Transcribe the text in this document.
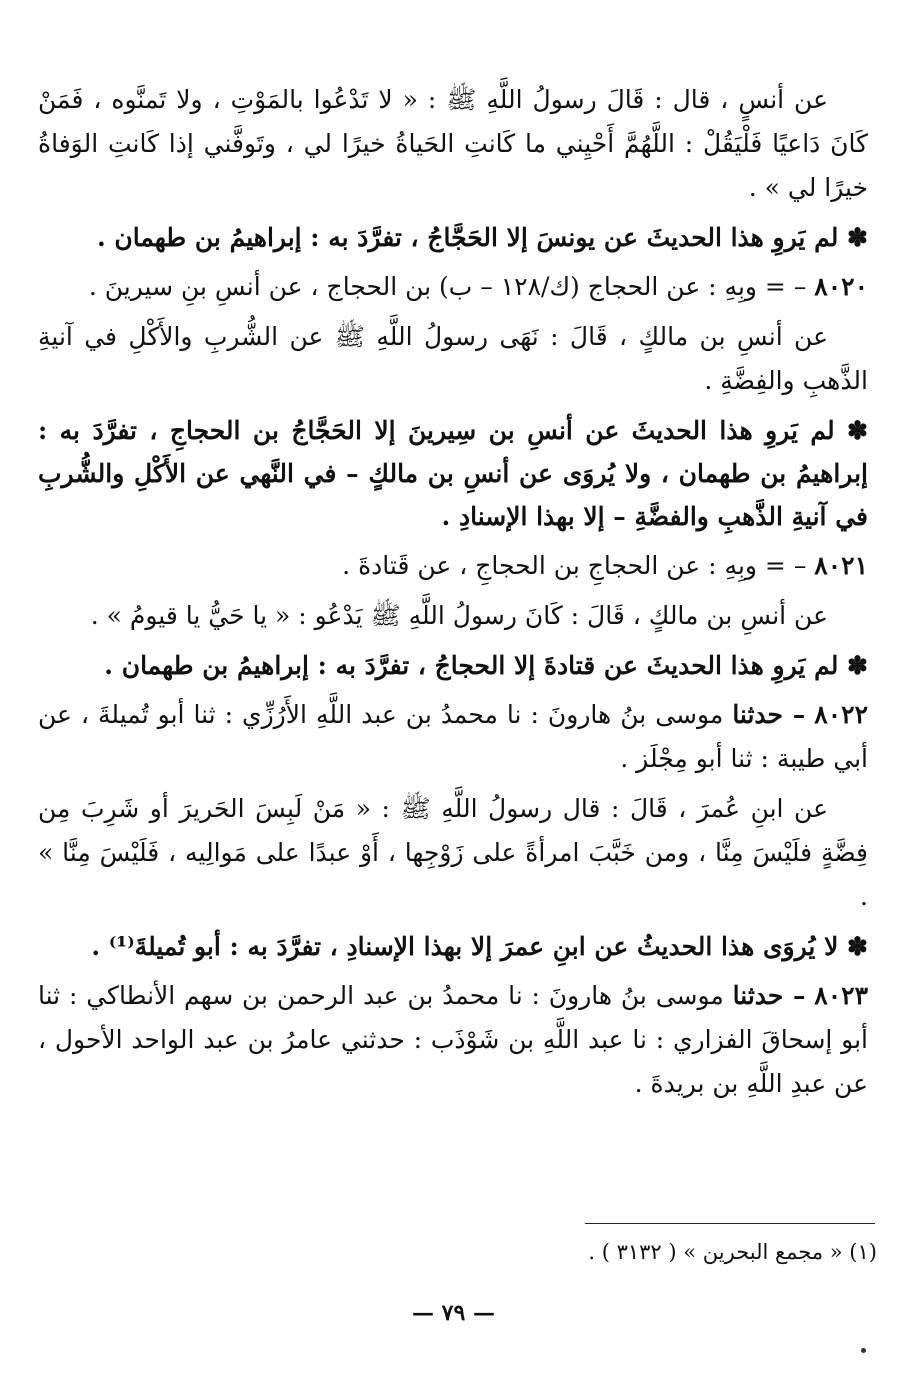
عن أنسٍ ، قال : قَالَ رسولُ اللَّهِ ﷺ : « لا تَدْعُوا بالمَوْتِ ، ولا تَمنَّوه ، فَمَنْ كَانَ دَاعيًا فَلْيَقُلْ : اللَّهُمَّ أَحْيِني ما كَانتِ الحَياةُ خيرًا لي ، وتَوفَّني إذا كَانتِ الوَفاةُ خيرًا لي » .

✽ لم يَروِ هذا الحديثَ عن يونسَ إلا الحَجَّاجُ ، تفرَّدَ به : إبراهيمُ بن طهمان .

٨٠٢٠ – = وبِهِ : عن الحجاج (ك/١٢٨ – ب) بن الحجاج ، عن أنسِ بنِ سيرينَ .

عن أنسِ بن مالكٍ ، قَالَ : نَهَى رسولُ اللَّهِ ﷺ عن الشُّربِ والأَكْلِ في آنيةِ الذَّهبِ والفِضَّةِ .

✽ لم يَروِ هذا الحديثَ عن أنسِ بن سِيرينَ إلا الحَجَّاجُ بن الحجاجِ ، تفرَّدَ به : إبراهيمُ بن طهمان ، ولا يُروَى عن أنسِ بن مالكٍ – في النَّهي عن الأَكْلِ والشُّربِ في آنيةِ الذَّهبِ والفضَّةِ – إلا بهذا الإسنادِ .

٨٠٢١ – = وبِهِ : عن الحجاجِ بن الحجاجِ ، عن قَتادةَ .

عن أنسِ بن مالكٍ ، قَالَ : كَانَ رسولُ اللَّهِ ﷺ يَدْعُو : « يا حَيُّ يا قيومُ » .

✽ لم يَروِ هذا الحديثَ عن قتادةَ إلا الحجاجُ ، تفرَّدَ به : إبراهيمُ بن طهمان .

٨٠٢٢ – حدثنا موسى بنُ هارونَ : نا محمدُ بن عبد اللَّهِ الأَرُزِّي : ثنا أبو تُميلةَ ، عن أبي طيبة : ثنا أبو مِجْلَز .

عن ابنِ عُمرَ ، قَالَ : قال رسولُ اللَّهِ ﷺ : « مَنْ لَبِسَ الحَريرَ أو شَرِبَ مِن فِضَّةٍ فلَيْسَ مِنَّا ، ومن خَبَّبَ امرأةً على زَوْجِها ، أَوْ عبدًا على مَوالِيه ، فَلَيْسَ مِنَّا » .

✽ لا يُروَى هذا الحديثُ عن ابنِ عمرَ إلا بهذا الإسنادِ ، تفرَّدَ به : أبو تُميلةَ⁽¹⁾ .

٨٠٢٣ – حدثنا موسى بنُ هارونَ : نا محمدُ بن عبد الرحمن بن سهم الأنطاكي : ثنا أبو إسحاقَ الفزاري : نا عبد اللَّهِ بن شَوْذَب : حدثني عامرُ بن عبد الواحد الأحول ، عن عبدِ اللَّهِ بن بريدةَ .

(١) « مجمع البحرين » ( ٣١٣٢ ) .
— ٧٩ —
